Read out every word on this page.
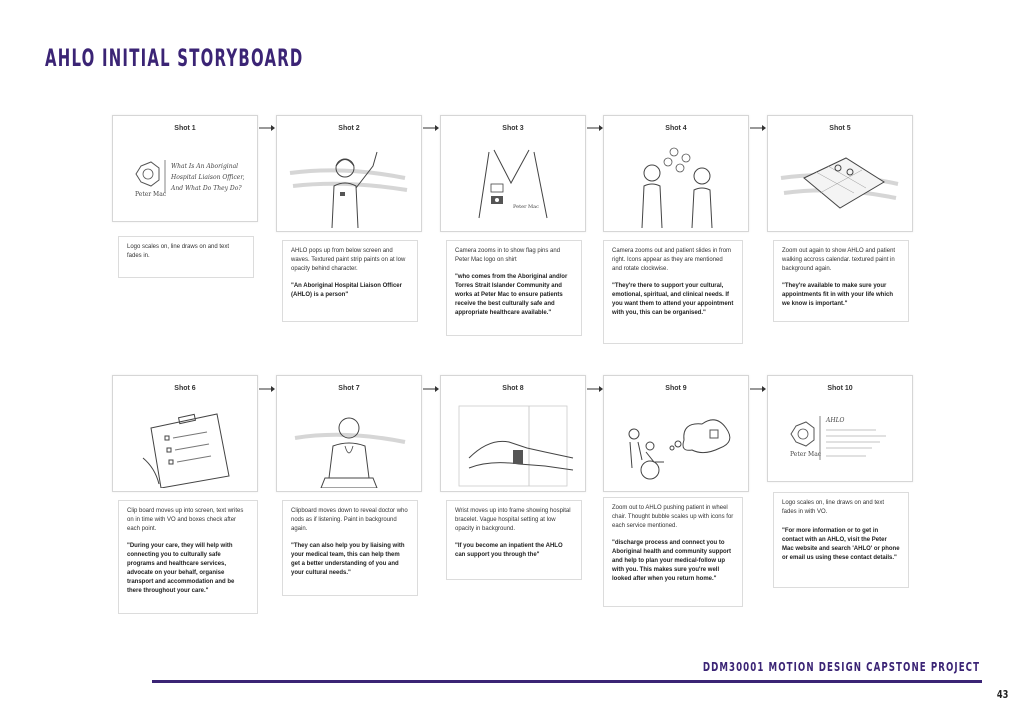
AHLO INITIAL STORYBOARD
Shot 1
Peter Mac
What Is An Aboriginal
Hospital Liaison Officer,
And What Do They Do?
Logo scales on, line draws on and text fades in.
Shot 2
AHLO pops up from below screen and waves. Textured paint strip paints on at low opacity behind character.
"An Aboriginal Hospital Liaison Officer (AHLO) is a person"
Shot 3
Peter Mac
Camera zooms in to show flag pins and Peter Mac logo on shirt
"who comes from the Aboriginal and/or Torres Strait Islander Community and works at Peter Mac to ensure patients receive the best culturally safe and appropriate healthcare available."
Shot 4
Camera zooms out and patient slides in from right. Icons appear as they are mentioned and rotate clockwise.
"They're there to support your cultural, emotional, spiritual, and clinical needs. If you want them to attend your appointment with you, this can be organised."
Shot 5
Zoom out again to show AHLO and patient walking accross calendar. textured paint in background again.
"They're available to make sure your appointments fit in with your life which we know is important."
Shot 6
Clip board moves up into screen, text writes on in time with VO and boxes check after each point.
"During your care, they will help with connecting you to culturally safe programs and healthcare services, advocate on your behalf, organise transport and accommodation and be there throughout your care."
Shot 7
Clipboard moves down to reveal doctor who nods as if listening. Paint in background again.
"They can also help you by liaising with your medical team, this can help them get a better understanding of you and your cultural needs."
Shot 8
Wrist moves up into frame showing hospital bracelet. Vague hospital setting at low opacity in background.
"If you become an inpatient the AHLO can support you through the"
Shot 9
Zoom out to AHLO pushing patient in wheel chair. Thought bubble scales up with icons for each service mentioned.
"discharge process and connect you to Aboriginal health and community support and help to plan your medical-follow up with you. This makes sure you're well looked after when you return home."
Shot 10
Peter Mac
AHLO
Logo scales on, line draws on and text fades in with VO.
"For more information or to get in contact with an AHLO, visit the Peter Mac website and search 'AHLO' or phone or email us using these contact details."
DDM30001 MOTION DESIGN CAPSTONE PROJECT
43
